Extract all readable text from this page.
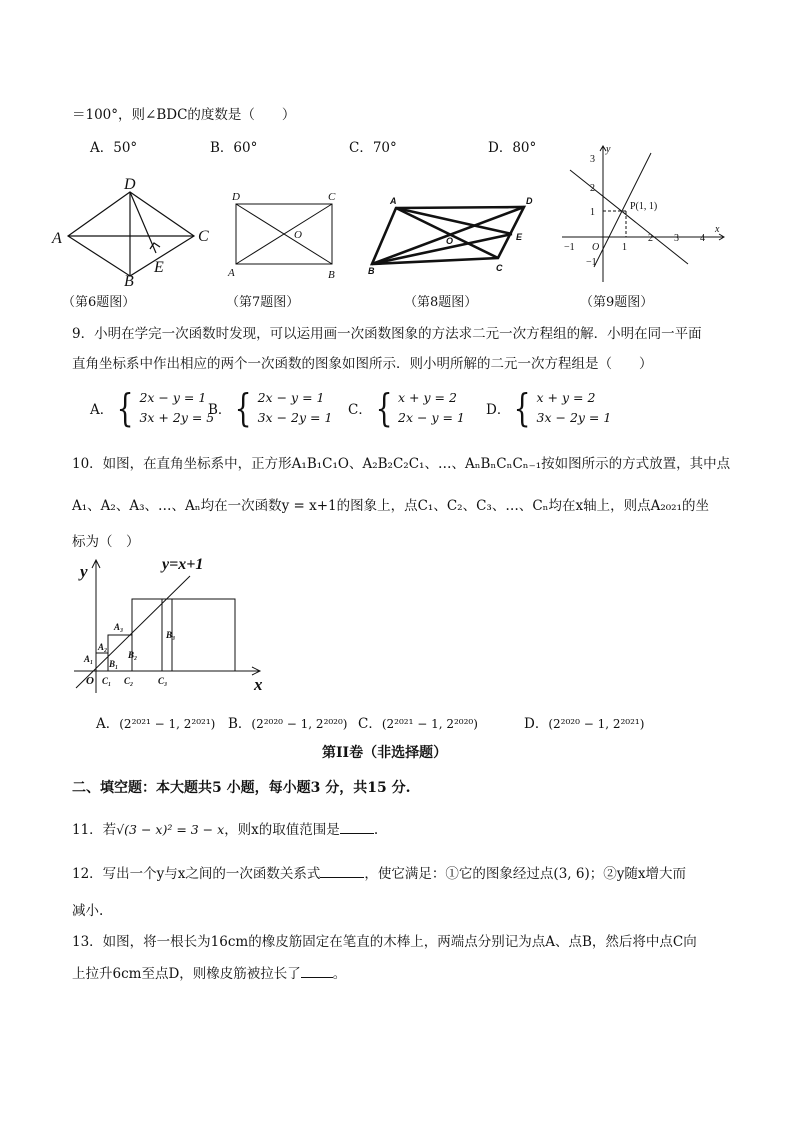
＝100°，则∠BDC的度数是（　　）
A．50°	B．60°	C．70°	D．80°
D
A	C
B
E
（第6题图）
D	C
O
A	B
（第7题图）
A	D
O	E
B	C
（第8题图）
y
x
P(1, 1)
−1	1
2 3 4
3
2
1
−1
O
（第9题图）
9．小明在学完一次函数时发现，可以运用画一次函数图象的方法求二元一次方程组的解．小明在同一平面
直角坐标系中作出相应的两个一次函数的图象如图所示．则小明所解的二元一次方程组是（　　）
A． { 2x − y = 1
3x + 2y = 5
B． { 2x − y = 1
3x − 2y = 1 C． { x + y = 2
2x − y = 1 D． { x + y = 2
3x − 2y = 1
10．如图，在直角坐标系中，正方形A₁B₁C₁O、A₂B₂C₂C₁、…、AₙBₙCₙCₙ₋₁按如图所示的方式放置，其中点
A₁、A₂、A₃、…、Aₙ均在一次函数y = x+1的图象上，点C₁、C₂、C₃、…、Cₙ均在x轴上，则点A₂₀₂₁的坐
标为（　）
y=x+1
y
x
O
A₁
A₂
A₃
B₁
B₂
B₃
C₁ C₂	C₃
A．(2²⁰²¹ − 1, 2²⁰²¹) B．(2²⁰²⁰ − 1, 2²⁰²⁰) C．(2²⁰²¹ − 1, 2²⁰²⁰)	D．(2²⁰²⁰ − 1, 2²⁰²¹)
第II卷（非选择题）
二、填空题：本大题共5 小题，每小题3 分，共15 分.
11．若√(3 − x)² = 3 − x，则x的取值范围是	.
12．写出一个y与x之间的一次函数关系式	，使它满足：①它的图象经过点(3, 6)；②y随x增大而
减小.
13．如图，将一根长为16cm的橡皮筋固定在笔直的木棒上，两端点分别记为点A、点B，然后将中点C向
上拉升6cm至点D，则橡皮筋被拉长了 。
